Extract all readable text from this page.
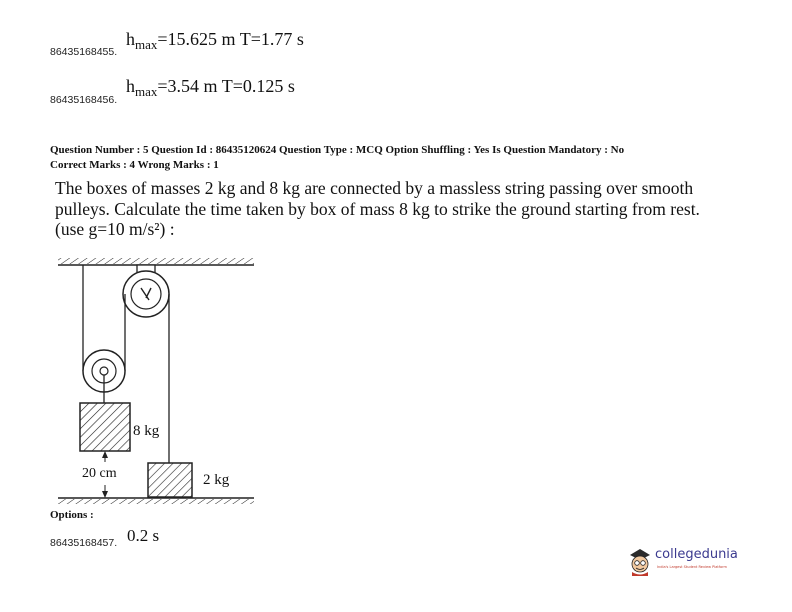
$h_{max}=15.625$ m T=1.77 s
86435168455.
$h_{max}=3.54$ m T=0.125 s
86435168456.
Question Number : 5 Question Id : 86435120624 Question Type : MCQ Option Shuffling : Yes Is Question Mandatory : No
Correct Marks : 4 Wrong Marks : 1
The boxes of masses 2 kg and 8 kg are connected by a massless string passing over smooth
pulleys. Calculate the time taken by box of mass 8 kg to strike the ground starting from rest.
(use g=10 m/s²) :
8 kg
20 cm	2 kg
Options :
86435168457. 0.2 s
collegedunia
India's Largest Student Review Platform
